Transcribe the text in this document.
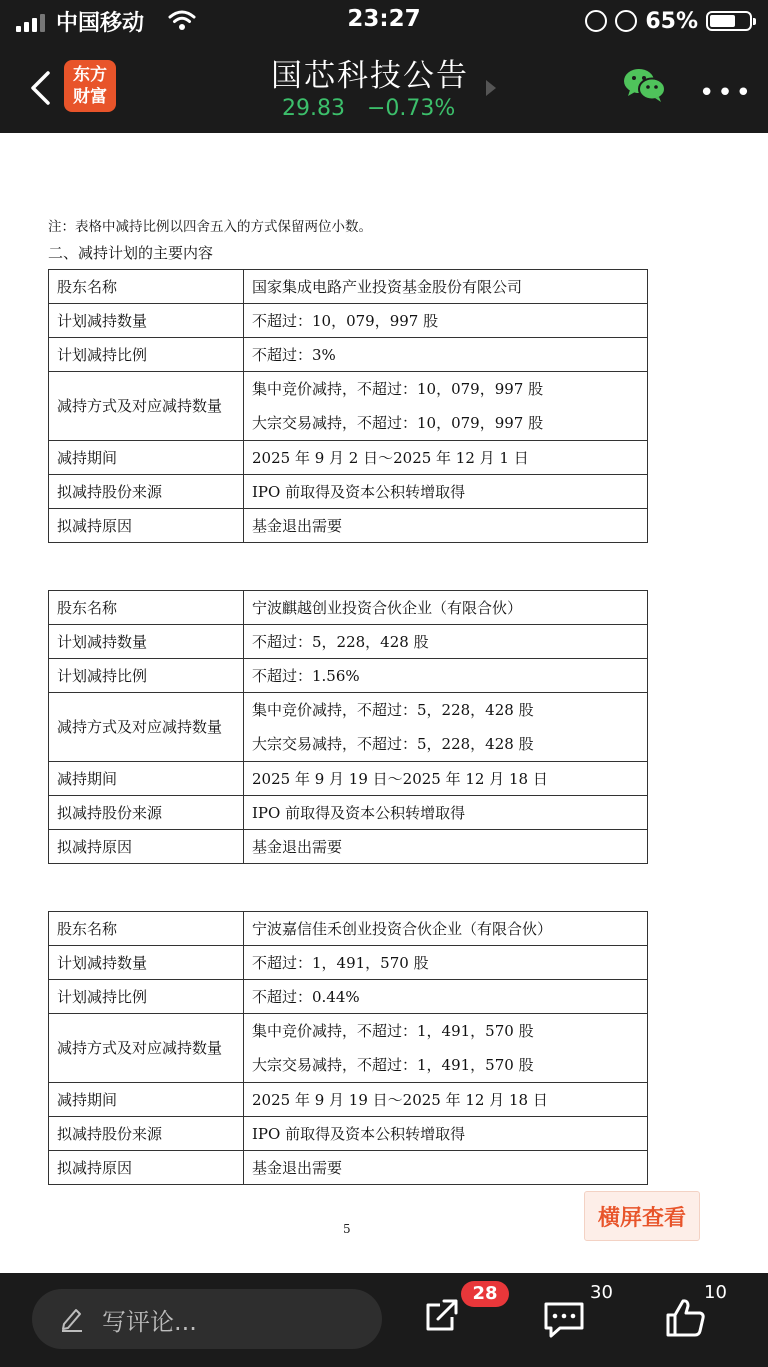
中国移动	23:27	65%
东方
财富
国芯科技公告
29.83 −0.73%
•••
注：表格中减持比例以四舍五入的方式保留两位小数。
二、减持计划的主要内容
股东名称	国家集成电路产业投资基金股份有限公司
计划减持数量	不超过：10，079，997 股
计划减持比例	不超过：3%
减持方式及对应减持数量	集中竞价减持，不超过：10，079，997 股
大宗交易减持，不超过：10，079，997 股

减持期间	2025 年 9 月 2 日～2025 年 12 月 1 日
拟减持股份来源	IPO 前取得及资本公积转增取得
拟减持原因	基金退出需要
股东名称	宁波麒越创业投资合伙企业（有限合伙）
计划减持数量	不超过：5，228，428 股
计划减持比例	不超过：1.56%
减持方式及对应减持数量	集中竞价减持，不超过：5，228，428 股
大宗交易减持，不超过：5，228，428 股

减持期间	2025 年 9 月 19 日～2025 年 12 月 18 日
拟减持股份来源	IPO 前取得及资本公积转增取得
拟减持原因	基金退出需要
股东名称	宁波嘉信佳禾创业投资合伙企业（有限合伙）
计划减持数量	不超过：1，491，570 股
计划减持比例	不超过：0.44%
减持方式及对应减持数量	集中竞价减持，不超过：1，491，570 股
大宗交易减持，不超过：1，491，570 股

减持期间	2025 年 9 月 19 日～2025 年 12 月 18 日
拟减持股份来源	IPO 前取得及资本公积转增取得
拟减持原因	基金退出需要
5	横屏查看
写评论...
28	30	10
